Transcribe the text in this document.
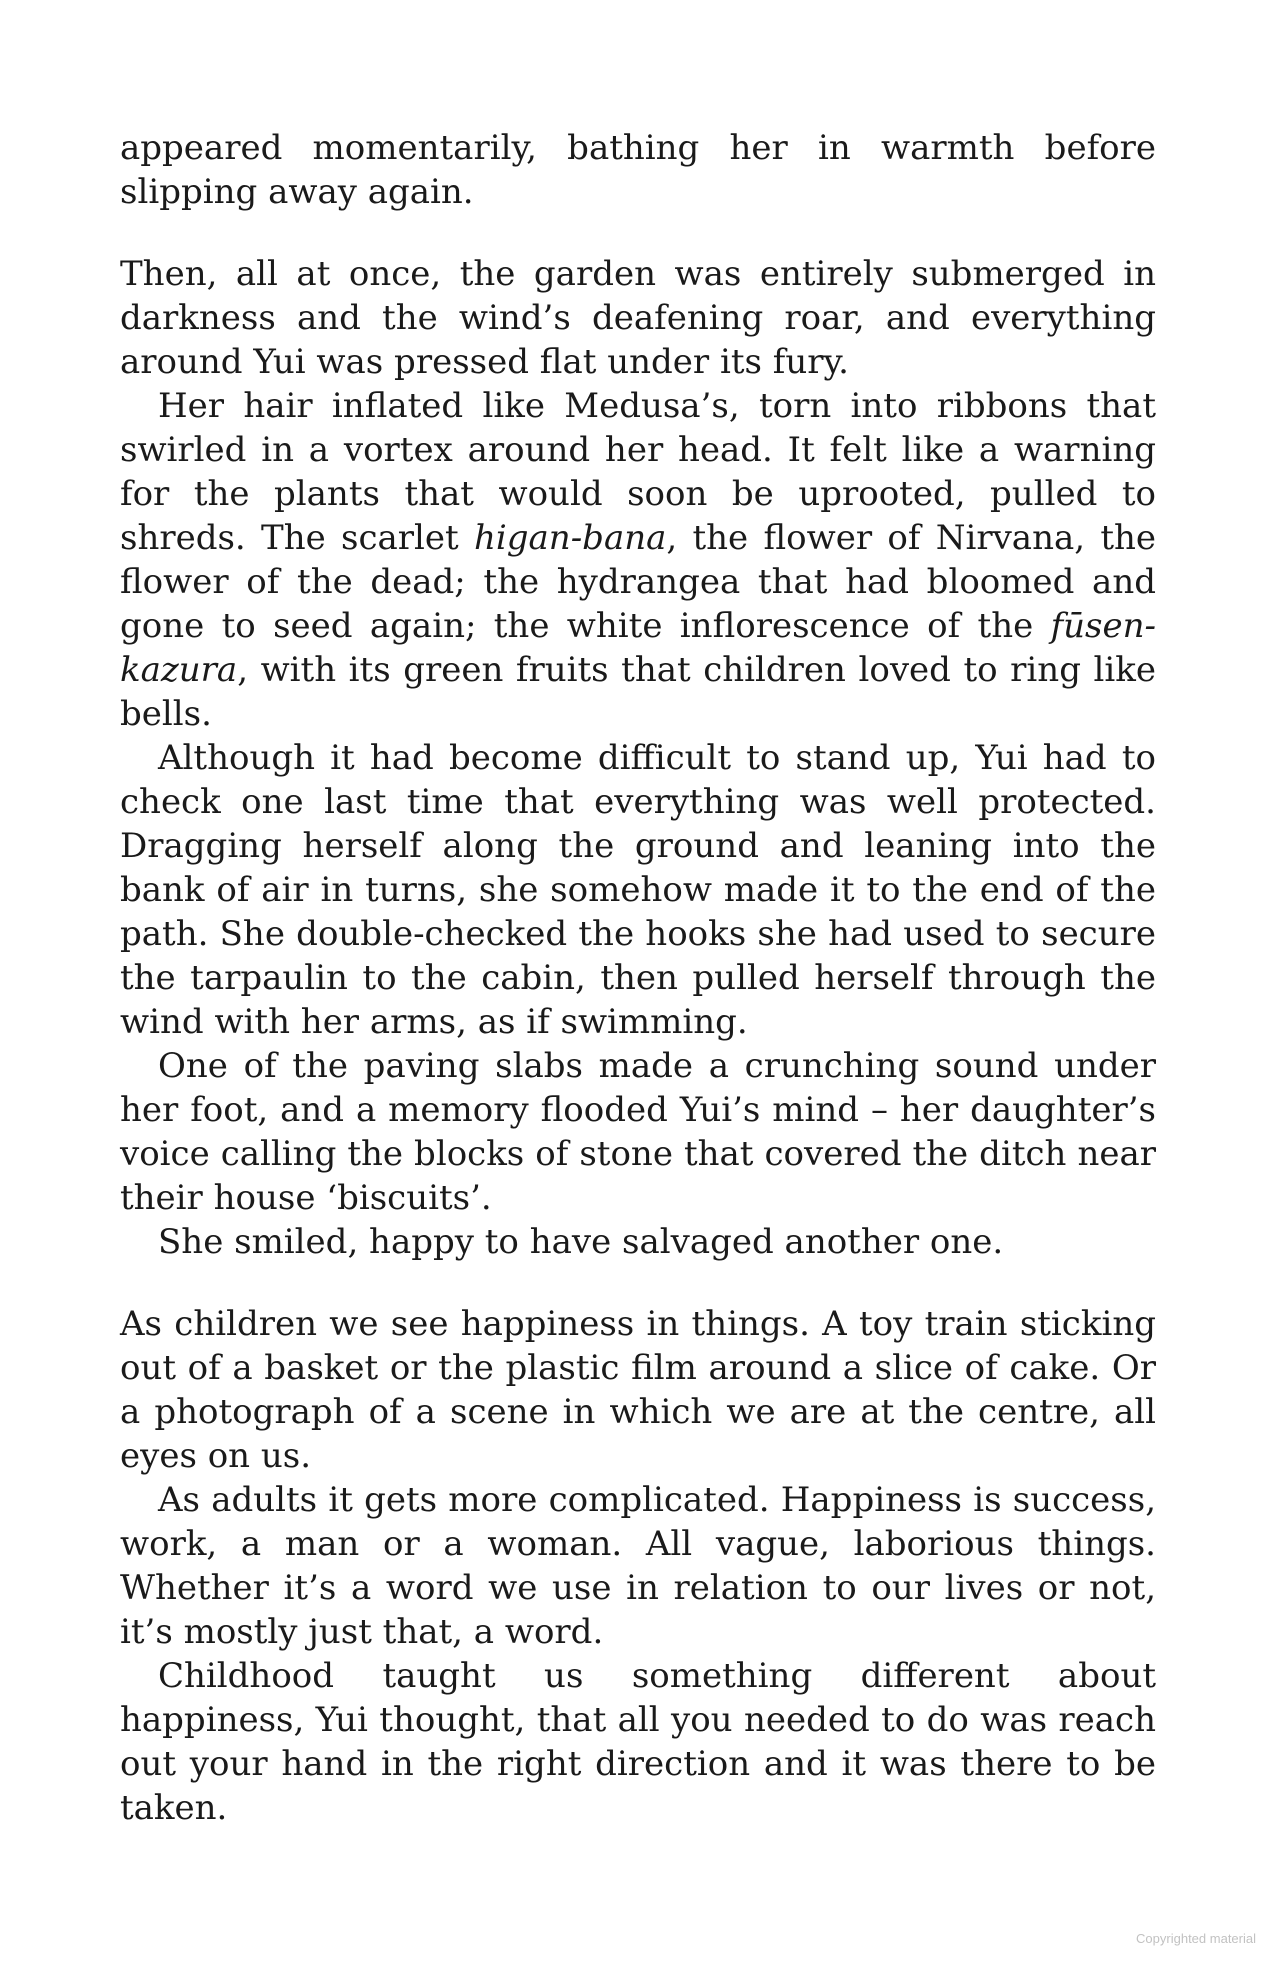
appeared momentarily, bathing her in warmth before slipping away again.

Then, all at once, the garden was entirely submerged in darkness and the wind’s deafening roar, and everything around Yui was pressed flat under its fury.

Her hair inflated like Medusa’s, torn into ribbons that swirled in a vortex around her head. It felt like a warning for the plants that would soon be uprooted, pulled to shreds. The scarlet higan-bana, the flower of Nirvana, the flower of the dead; the hydrangea that had bloomed and gone to seed again; the white inflorescence of the fūsen-kazura, with its green fruits that children loved to ring like bells.

Although it had become difficult to stand up, Yui had to check one last time that everything was well protected. Dragging herself along the ground and leaning into the bank of air in turns, she somehow made it to the end of the path. She double-checked the hooks she had used to secure the tarpaulin to the cabin, then pulled herself through the wind with her arms, as if swimming.

One of the paving slabs made a crunching sound under her foot, and a memory flooded Yui’s mind – her daughter’s voice calling the blocks of stone that covered the ditch near their house ‘biscuits’.

She smiled, happy to have salvaged another one.

As children we see happiness in things. A toy train sticking out of a basket or the plastic film around a slice of cake. Or a photograph of a scene in which we are at the centre, all eyes on us.

As adults it gets more complicated. Happiness is success, work, a man or a woman. All vague, laborious things. Whether it’s a word we use in relation to our lives or not, it’s mostly just that, a word.

Childhood taught us something different about happiness, Yui thought, that all you needed to do was reach out your hand in the right direction and it was there to be taken.

Copyrighted material
